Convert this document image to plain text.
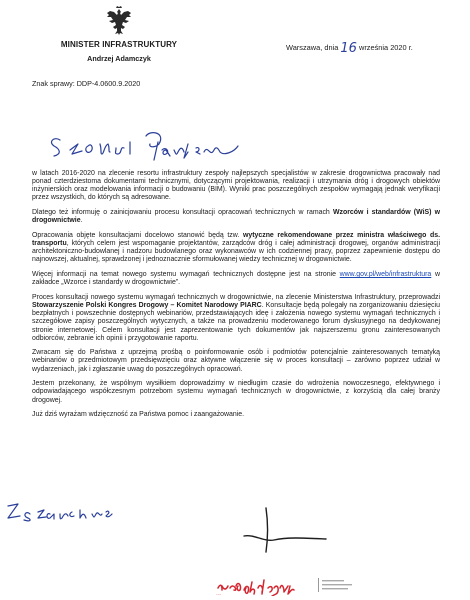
MINISTER INFRASTRUKTURY
Andrzej Adamczyk
Znak sprawy: DDP-4.0600.9.2020
Warszawa, dnia 16 września 2020 r.

w latach 2016-2020 na zlecenie resortu infrastruktury zespoły najlepszych specjalistów w zakresie drogownictwa pracowały nad ponad czterdziestoma dokumentami technicznymi, dotyczącymi projektowania, realizacji i utrzymania dróg i drogowych obiektów inżynierskich oraz modelowania informacji o budowaniu (BIM). Wyniki prac poszczególnych zespołów wymagają jednak weryfikacji przez wszystkich, do których są adresowane.

Dlatego też informuję o zainicjowaniu procesu konsultacji opracowań technicznych w ramach Wzorców i standardów (WiS) w drogownictwie.

Opracowania objęte konsultacjami docelowo stanowić będą tzw. wytyczne rekomendowane przez ministra właściwego ds. transportu, których celem jest wspomaganie projektantów, zarządców dróg i całej administracji drogowej, organów administracji architektoniczno-budowlanej i nadzoru budowlanego oraz wykonawców w ich codziennej pracy, poprzez zapewnienie dostępu do najnowszej, aktualnej, sprawdzonej i jednoznacznie sformułowanej wiedzy technicznej w drogownictwie.

Więcej informacji na temat nowego systemu wymagań technicznych dostępne jest na stronie www.gov.pl/web/infrastruktura w zakładce „Wzorce i standardy w drogownictwie”.

Proces konsultacji nowego systemu wymagań technicznych w drogownictwie, na zlecenie Ministerstwa Infrastruktury, przeprowadzi Stowarzyszenie Polski Kongres Drogowy – Komitet Narodowy PIARC. Konsultacje będą polegały na zorganizowaniu dziesięciu bezpłatnych i powszechnie dostępnych webinariów, przedstawiających ideę i założenia nowego systemu wymagań technicznych i szczegółowe zapisy poszczególnych wytycznych, a także na prowadzeniu moderowanego forum dyskusyjnego na dedykowanej stronie internetowej. Celem konsultacji jest zaprezentowanie tych dokumentów jak najszerszemu gronu zainteresowanych odbiorców, zebranie ich opinii i przygotowanie raportu.

Zwracam się do Państwa z uprzejmą prośbą o poinformowanie osób i podmiotów potencjalnie zainteresowanych tematyką webinariów o przedmiotowym przedsięwzięciu oraz aktywne włączenie się w proces konsultacji – zarówno poprzez udział w wydarzeniach, jak i zgłaszanie uwag do poszczególnych opracowań.

Jestem przekonany, że wspólnym wysiłkiem doprowadzimy w niedługim czasie do wdrożenia nowoczesnego, efektywnego i odpowiadającego współczesnym potrzebom systemu wymagań technicznych w drogownictwie, z korzyścią dla całej branży drogowej.

Już dziś wyrażam wdzięczność za Państwa pomoc i zaangażowanie.

niepodległa
